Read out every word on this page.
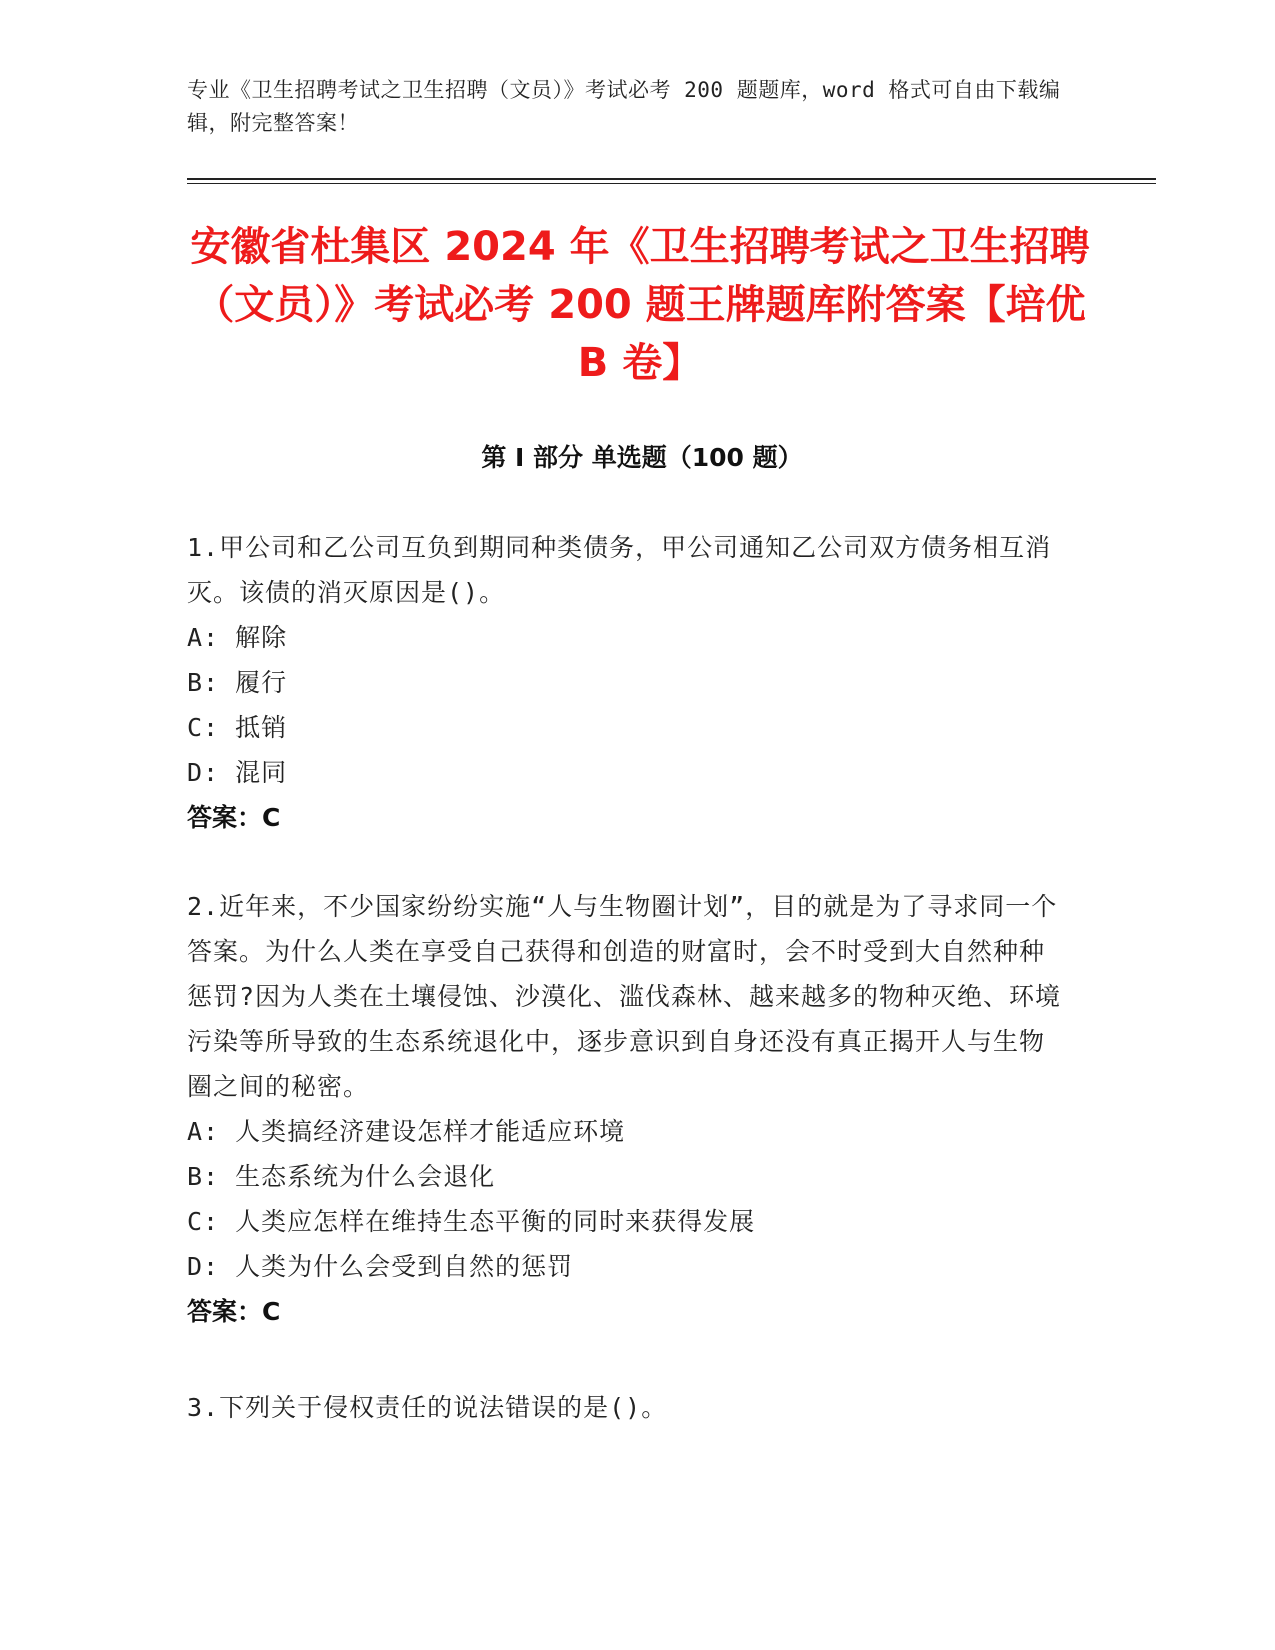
专业《卫生招聘考试之卫生招聘（文员）》考试必考 200 题题库，word 格式可自由下载编辑，附完整答案！
安徽省杜集区 2024 年《卫生招聘考试之卫生招聘（文员）》考试必考 200 题王牌题库附答案【培优 B 卷】
第 I 部分 单选题（100 题）
1.甲公司和乙公司互负到期同种类债务，甲公司通知乙公司双方债务相互消灭。该债的消灭原因是()。
A: 解除
B: 履行
C: 抵销
D: 混同
答案：C
2.近年来，不少国家纷纷实施“人与生物圈计划”，目的就是为了寻求同一个答案。为什么人类在享受自己获得和创造的财富时，会不时受到大自然种种惩罚?因为人类在土壤侵蚀、沙漠化、滥伐森林、越来越多的物种灭绝、环境污染等所导致的生态系统退化中，逐步意识到自身还没有真正揭开人与生物圈之间的秘密。
A: 人类搞经济建设怎样才能适应环境
B: 生态系统为什么会退化
C: 人类应怎样在维持生态平衡的同时来获得发展
D: 人类为什么会受到自然的惩罚
答案：C
3.下列关于侵权责任的说法错误的是()。
